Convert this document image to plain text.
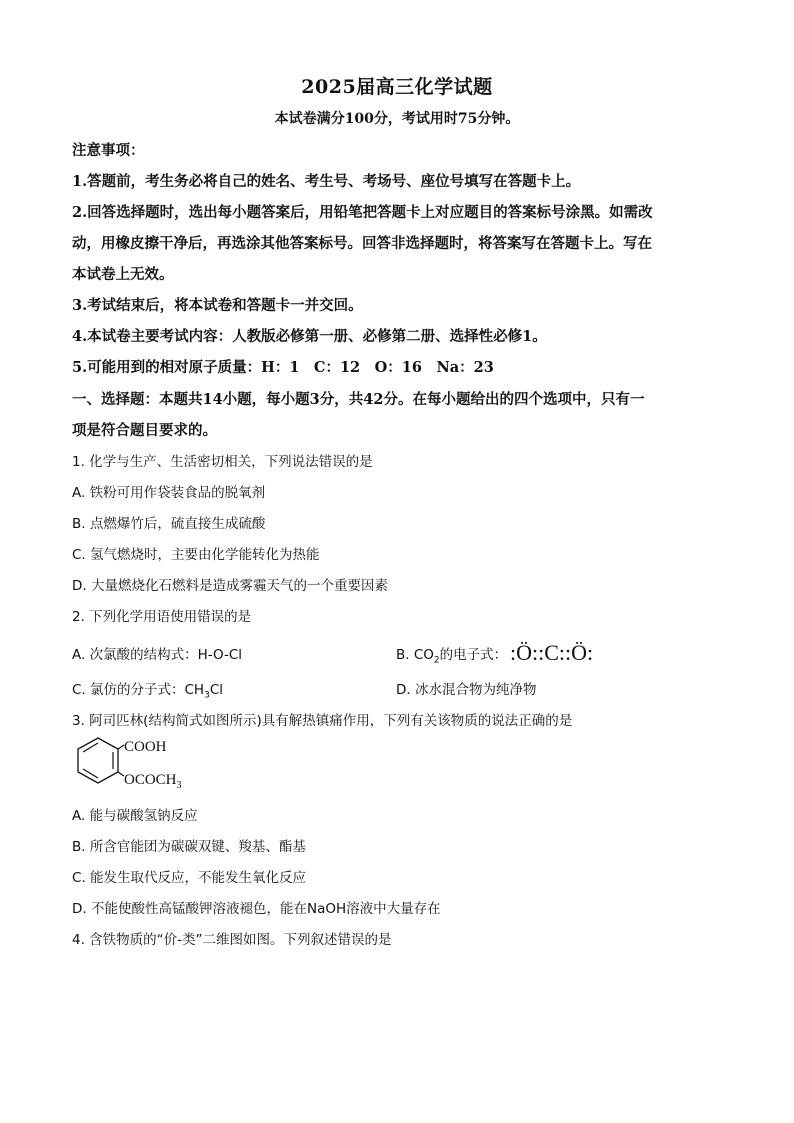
2025届高三化学试题
本试卷满分100分，考试用时75分钟。
注意事项：
1.答题前，考生务必将自己的姓名、考生号、考场号、座位号填写在答题卡上。
2.回答选择题时，选出每小题答案后，用铅笔把答题卡上对应题目的答案标号涂黑。如需改
动，用橡皮擦干净后，再选涂其他答案标号。回答非选择题时，将答案写在答题卡上。写在
本试卷上无效。
3.考试结束后，将本试卷和答题卡一并交回。
4.本试卷主要考试内容：人教版必修第一册、必修第二册、选择性必修1。
5.可能用到的相对原子质量：H：1　C：12　O：16　Na：23
一、选择题：本题共14小题，每小题3分，共42分。在每小题给出的四个选项中，只有一
项是符合题目要求的。
1. 化学与生产、生活密切相关，下列说法错误的是
A. 铁粉可用作袋装食品的脱氧剂
B. 点燃爆竹后，硫直接生成硫酸
C. 氢气燃烧时，主要由化学能转化为热能
D. 大量燃烧化石燃料是造成雾霾天气的一个重要因素
2. 下列化学用语使用错误的是
A. 次氯酸的结构式：H-O-Cl	B. $CO_2$的电子式： :Ö::C::Ö:
C. 氯仿的分子式：$CH_3Cl$	D. 冰水混合物为纯净物
3. 阿司匹林(结构简式如图所示)具有解热镇痛作用，下列有关该物质的说法正确的是
COOH
$OCOCH_3$
A. 能与碳酸氢钠反应
B. 所含官能团为碳碳双键、羧基、酯基
C. 能发生取代反应，不能发生氧化反应
D. 不能使酸性高锰酸钾溶液褪色，能在NaOH溶液中大量存在
4. 含铁物质的“价-类”二维图如图。下列叙述错误的是
